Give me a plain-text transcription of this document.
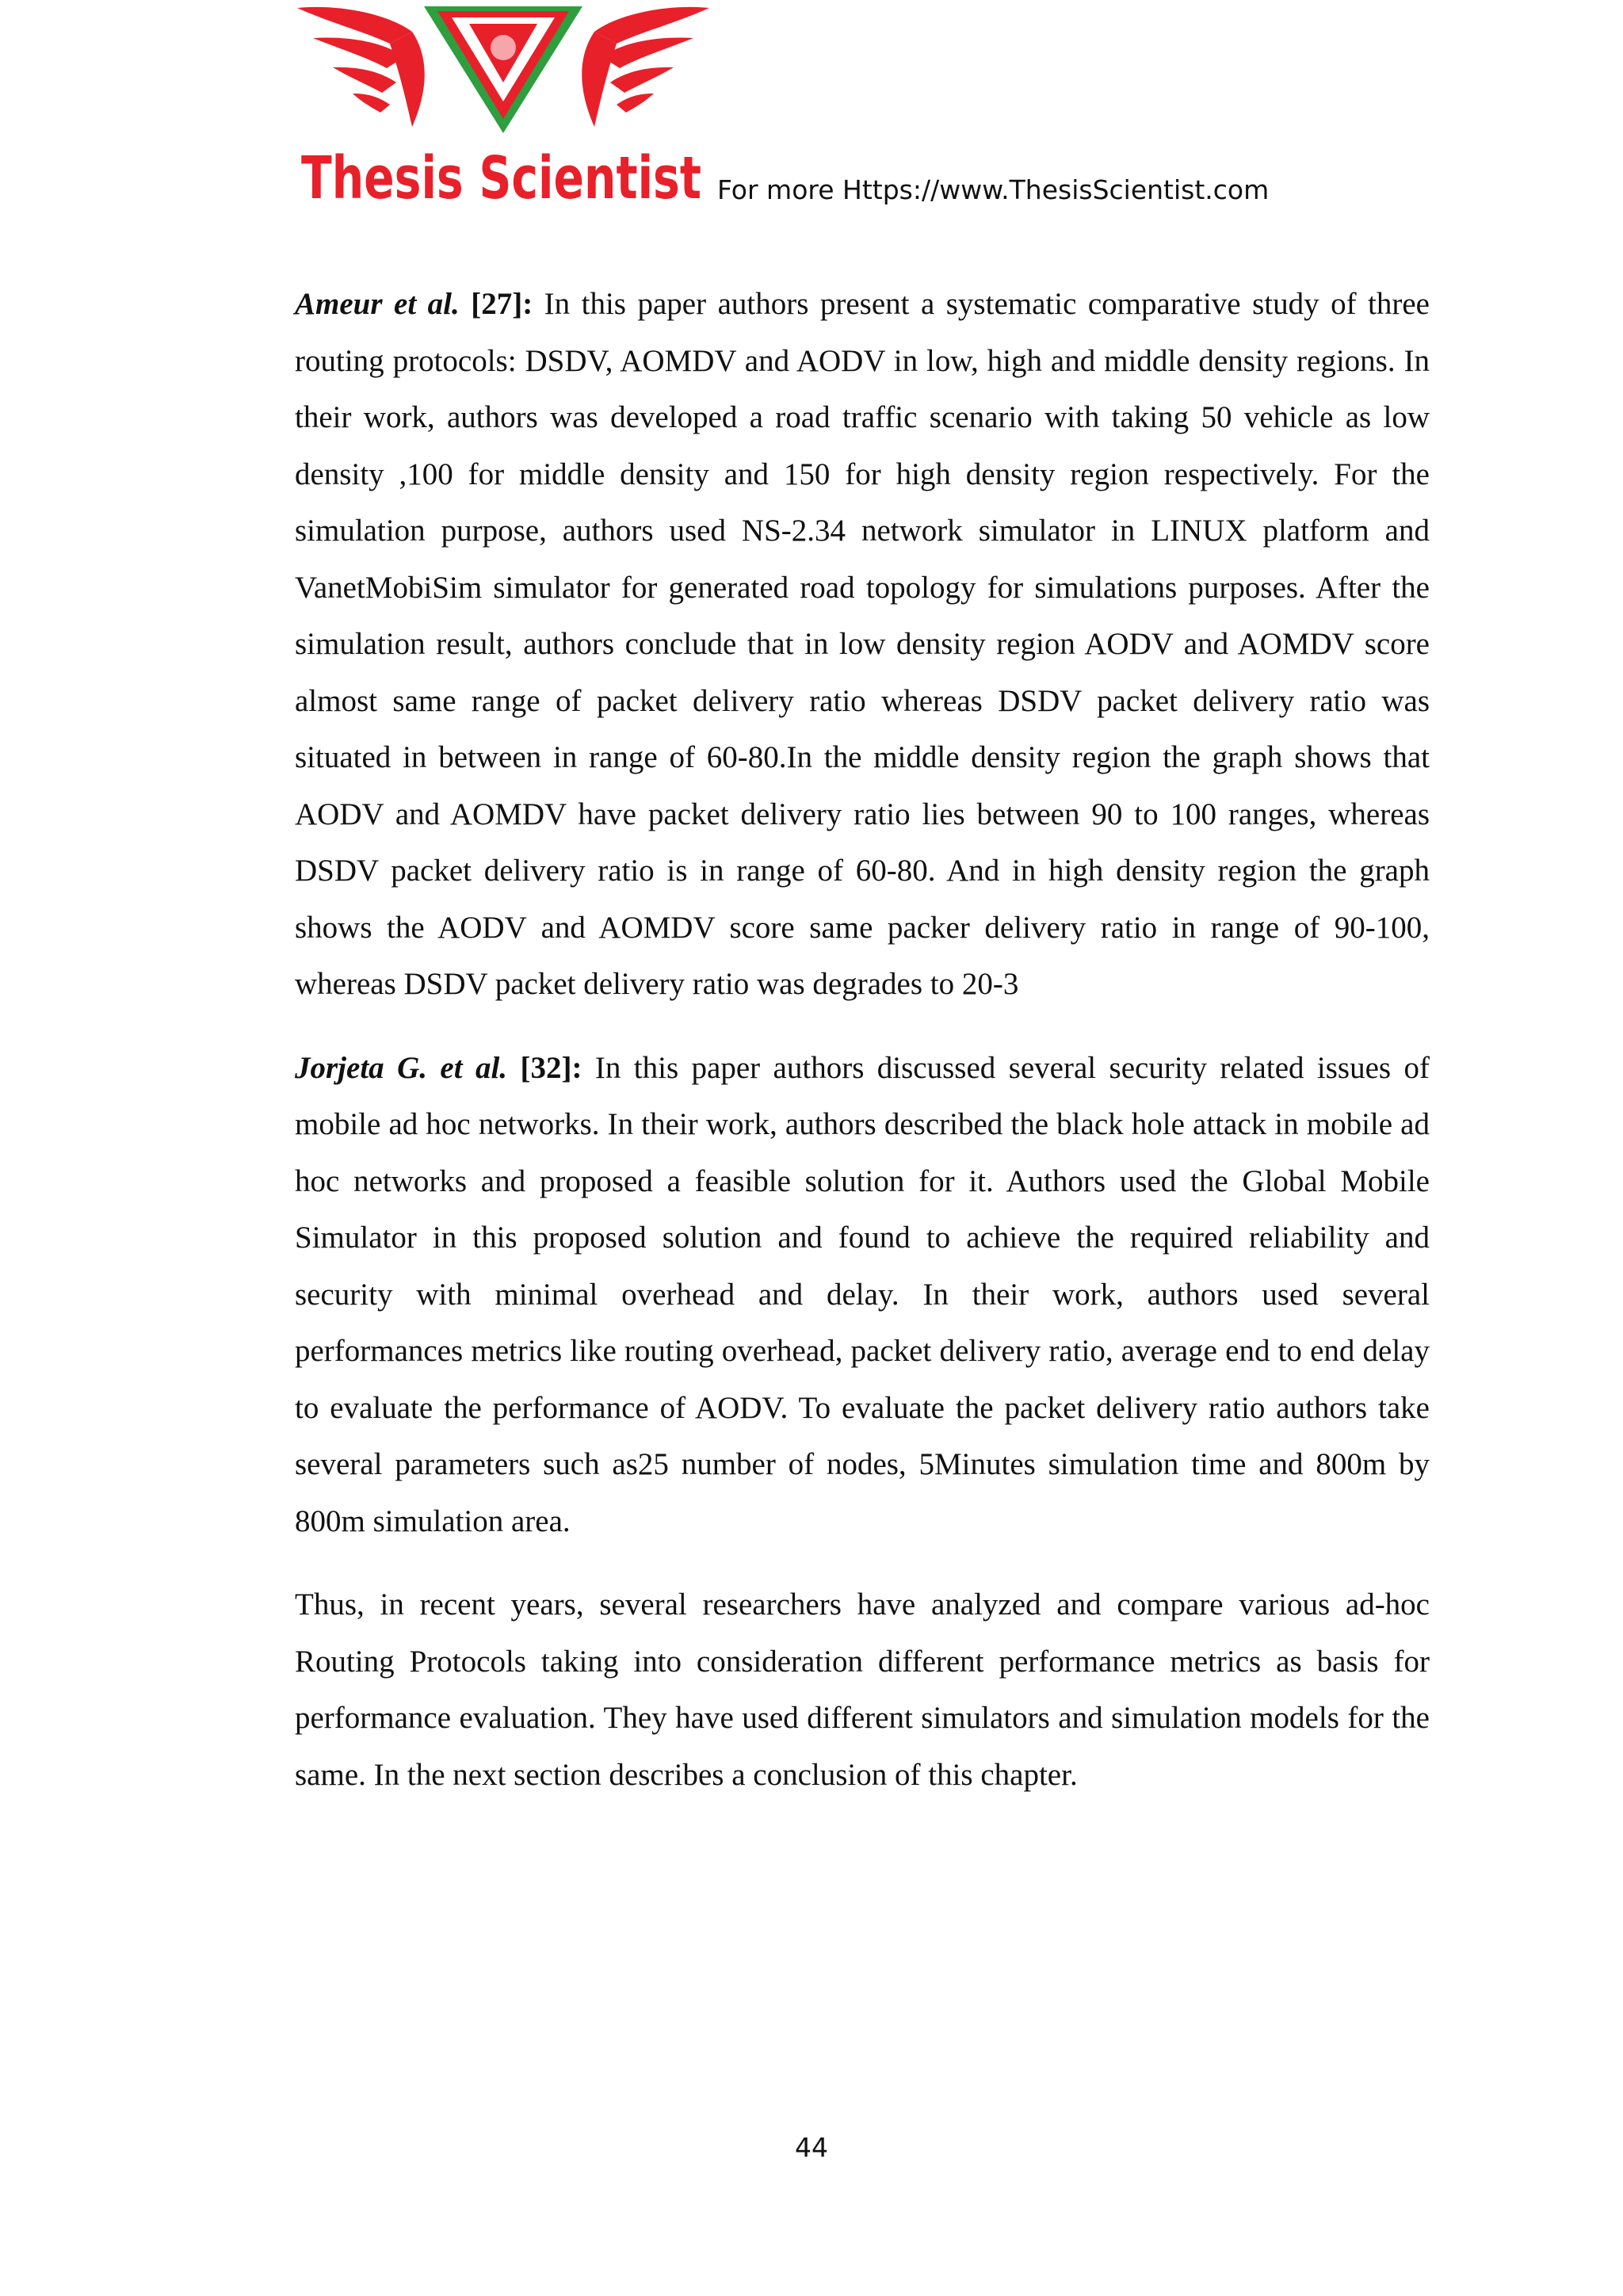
Thesis Scientist For more Https://www.ThesisScientist.com

Ameur et al. [27]: In this paper authors present a systematic comparative study of three routing protocols: DSDV, AOMDV and AODV in low, high and middle density regions. In their work, authors was developed a road traffic scenario with taking 50 vehicle as low density ,100 for middle density and 150 for high density region respectively. For the simulation purpose, authors used NS-2.34 network simulator in LINUX platform and VanetMobiSim simulator for generated road topology for simulations purposes. After the simulation result, authors conclude that in low density region AODV and AOMDV score almost same range of packet delivery ratio whereas DSDV packet delivery ratio was situated in between in range of 60-80.In the middle density region the graph shows that AODV and AOMDV have packet delivery ratio lies between 90 to 100 ranges, whereas DSDV packet delivery ratio is in range of 60-80. And in high density region the graph shows the AODV and AOMDV score same packer delivery ratio in range of 90-100, whereas DSDV packet delivery ratio was degrades to 20-3

Jorjeta G. et al. [32]: In this paper authors discussed several security related issues of mobile ad hoc networks. In their work, authors described the black hole attack in mobile ad hoc networks and proposed a feasible solution for it. Authors used the Global Mobile Simulator in this proposed solution and found to achieve the required reliability and security with minimal overhead and delay. In their work, authors used several performances metrics like routing overhead, packet delivery ratio, average end to end delay to evaluate the performance of AODV. To evaluate the packet delivery ratio authors take several parameters such as25 number of nodes, 5Minutes simulation time and 800m by 800m simulation area.

Thus, in recent years, several researchers have analyzed and compare various ad-hoc Routing Protocols taking into consideration different performance metrics as basis for performance evaluation. They have used different simulators and simulation models for the same. In the next section describes a conclusion of this chapter.

44
